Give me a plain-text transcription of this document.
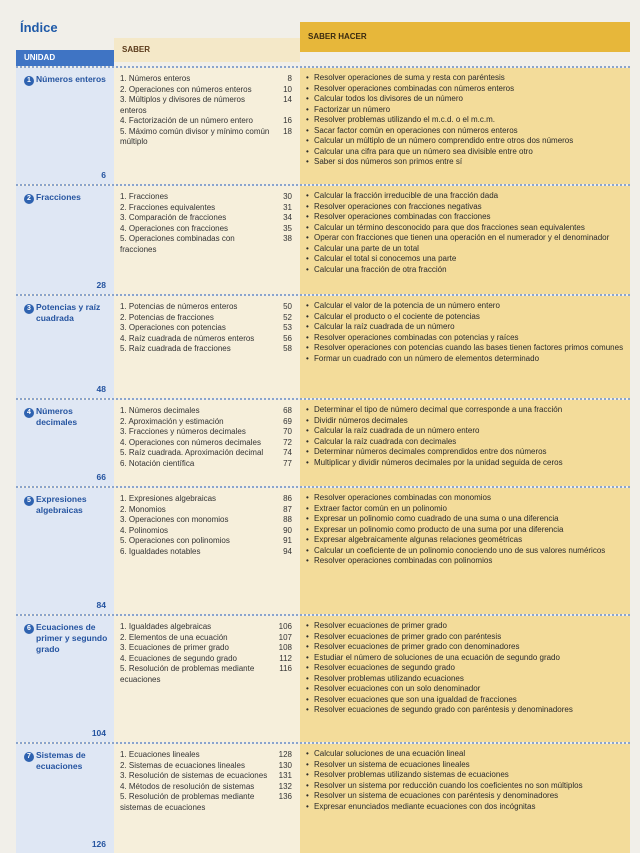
Índice
SABER HACER
SABER
UNIDAD
1 Números enteros
6
1. Números enteros	8
2. Operaciones con números enteros	10
3. Múltiplos y divisores de números enteros
14
4. Factorización de un número entero	16
5. Máximo común divisor y mínimo común múltiplo
18
• Resolver operaciones de suma y resta con paréntesis
• Resolver operaciones combinadas con números enteros
• Calcular todos los divisores de un número
• Factorizar un número
• Resolver problemas utilizando el m.c.d. o el m.c.m.
• Sacar factor común en operaciones con números enteros
• Calcular un múltiplo de un número comprendido entre otros dos números
• Calcular una cifra para que un número sea divisible entre otro
• Saber si dos números son primos entre sí
2 Fracciones
28
1. Fracciones	30
2. Fracciones equivalentes	31
3. Comparación de fracciones	34
4. Operaciones con fracciones	35
5. Operaciones combinadas con fracciones
38
• Calcular la fracción irreducible de una fracción dada
• Resolver operaciones con fracciones negativas
• Resolver operaciones combinadas con fracciones
• Calcular un término desconocido para que dos fracciones sean equivalentes
• Operar con fracciones que tienen una operación en el numerador y el denominador
• Calcular una parte de un total
• Calcular el total si conocemos una parte
• Calcular una fracción de otra fracción
3 Potencias y raíz cuadrada
48
1. Potencias de números enteros	50
2. Potencias de fracciones	52
3. Operaciones con potencias	53
4. Raíz cuadrada de números enteros	56
5. Raíz cuadrada de fracciones	58
• Calcular el valor de la potencia de un número entero
• Calcular el producto o el cociente de potencias
• Calcular la raíz cuadrada de un número
• Resolver operaciones combinadas con potencias y raíces
• Resolver operaciones con potencias cuando las bases tienen factores primos comunes
• Formar un cuadrado con un número de elementos determinado
4 Números decimales
66
1. Números decimales	68
2. Aproximación y estimación	69
3. Fracciones y números decimales	70
4. Operaciones con números decimales	72
5. Raíz cuadrada. Aproximación decimal 74
6. Notación científica	77
• Determinar el tipo de número decimal que corresponde a una fracción
• Dividir números decimales
• Calcular la raíz cuadrada de un número entero
• Calcular la raíz cuadrada con decimales
• Determinar números decimales comprendidos entre dos números
• Multiplicar y dividir números decimales por la unidad seguida de ceros
5 Expresiones algebraicas
84
1. Expresiones algebraicas	86
2. Monomios	87
3. Operaciones con monomios	88
4. Polinomios	90
5. Operaciones con polinomios	91
6. Igualdades notables	94
• Resolver operaciones combinadas con monomios
• Extraer factor común en un polinomio
• Expresar un polinomio como cuadrado de una suma o una diferencia
• Expresar un polinomio como producto de una suma por una diferencia
• Expresar algebraicamente algunas relaciones geométricas
• Calcular un coeficiente de un polinomio conociendo uno de sus valores numéricos
• Resolver operaciones combinadas con polinomios
6 Ecuaciones de primer y segundo grado
104
1. Igualdades algebraicas	106
2. Elementos de una ecuación	107
3. Ecuaciones de primer grado	108
4. Ecuaciones de segundo grado	112
5. Resolución de problemas mediante ecuaciones
116
• Resolver ecuaciones de primer grado
• Resolver ecuaciones de primer grado con paréntesis
• Resolver ecuaciones de primer grado con denominadores
• Estudiar el número de soluciones de una ecuación de segundo grado
• Resolver ecuaciones de segundo grado
• Resolver problemas utilizando ecuaciones
• Resolver ecuaciones con un solo denominador
• Resolver ecuaciones que son una igualdad de fracciones
• Resolver ecuaciones de segundo grado con paréntesis y denominadores
7 Sistemas de ecuaciones
126
1. Ecuaciones lineales	128
2. Sistemas de ecuaciones lineales	130
3. Resolución de sistemas de ecuaciones 131
4. Métodos de resolución de sistemas	132
5. Resolución de problemas mediante sistemas de ecuaciones
136
• Calcular soluciones de una ecuación lineal
• Resolver un sistema de ecuaciones lineales
• Resolver problemas utilizando sistemas de ecuaciones
• Resolver un sistema por reducción cuando los coeficientes no son múltiplos
• Resolver un sistema de ecuaciones con paréntesis y denominadores
• Expresar enunciados mediante ecuaciones con dos incógnitas
